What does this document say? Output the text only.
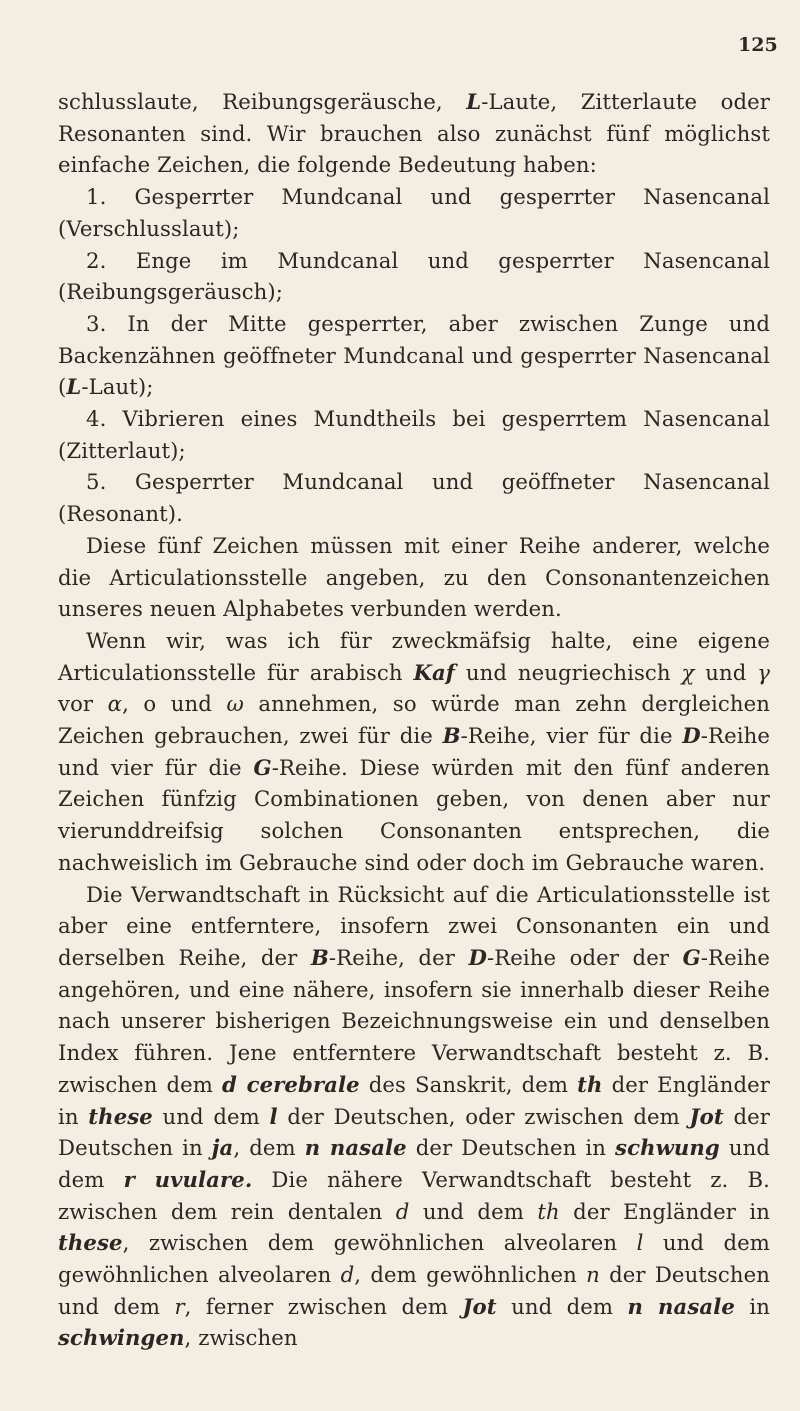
125

schlusslaute, Reibungsgeräusche, L-Laute, Zitterlaute oder Resonanten sind. Wir brauchen also zunächst fünf möglichst einfache Zeichen, die folgende Bedeutung haben:

1. Gesperrter Mundcanal und gesperrter Nasencanal (Verschlusslaut);

2. Enge im Mundcanal und gesperrter Nasencanal (Reibungsgeräusch);

3. In der Mitte gesperrter, aber zwischen Zunge und Backenzähnen geöffneter Mundcanal und gesperrter Nasencanal (L-Laut);

4. Vibrieren eines Mundtheils bei gesperrtem Nasencanal (Zitterlaut);

5. Gesperrter Mundcanal und geöffneter Nasencanal (Resonant).

Diese fünf Zeichen müssen mit einer Reihe anderer, welche die Articulationsstelle angeben, zu den Consonantenzeichen unseres neuen Alphabetes verbunden werden.

Wenn wir, was ich für zweckmäfsig halte, eine eigene Articulationsstelle für arabisch Kaf und neugriechisch χ und γ vor α, o und ω annehmen, so würde man zehn dergleichen Zeichen gebrauchen, zwei für die B-Reihe, vier für die D-Reihe und vier für die G-Reihe. Diese würden mit den fünf anderen Zeichen fünfzig Combinationen geben, von denen aber nur vierunddreifsig solchen Consonanten entsprechen, die nachweislich im Gebrauche sind oder doch im Gebrauche waren.

Die Verwandtschaft in Rücksicht auf die Articulationsstelle ist aber eine entferntere, insofern zwei Consonanten ein und derselben Reihe, der B-Reihe, der D-Reihe oder der G-Reihe angehören, und eine nähere, insofern sie innerhalb dieser Reihe nach unserer bisherigen Bezeichnungsweise ein und denselben Index führen. Jene entferntere Verwandtschaft besteht z. B. zwischen dem d cerebrale des Sanskrit, dem th der Engländer in these und dem l der Deutschen, oder zwischen dem Jot der Deutschen in ja, dem n nasale der Deutschen in schwung und dem r uvulare. Die nähere Verwandtschaft besteht z. B. zwischen dem rein dentalen d und dem th der Engländer in these, zwischen dem gewöhnlichen alveolaren l und dem gewöhnlichen alveolaren d, dem gewöhnlichen n der Deutschen und dem r, ferner zwischen dem Jot und dem n nasale in schwingen, zwischen
